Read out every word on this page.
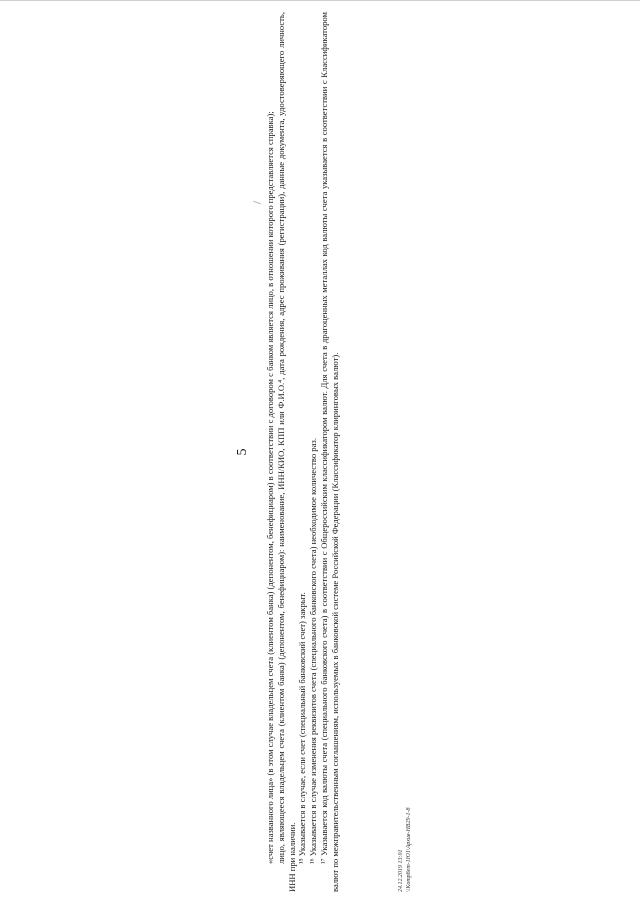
5 «счет названного лица» (в этом случае владельцем счета (клиентом банка) (депонентом, бенефициаром) в соответствии с договором с банком является лицо, в отношении которого представляется справка); лицо, являющееся владельцем счета (клиентом банка) (депонентом, бенефициаром): наименование, ИНН/КИО, КПП или Ф.И.О.⁴, дата рождения, адрес проживания (регистрации), данные документа, удостоверяющего личность, ИНН при наличии. ¹⁵ Указывается в случае, если счет (специальный банковский счет) закрыт. ¹⁶ Указывается в случае изменения реквизитов счета (специального банковского счета) необходимое количество раз. ¹⁷ Указывается код валюты счета (специального банковского счета) в соответствии с Общероссийским классификатором валют. Для счета в драгоценных металлах код валюты счета указывается в соответствии с Классификатором валют по межправительственным соглашениям, используемых в банковской системе Российской Федерации (Классификатор клиринговых валют).	24.12.2019 13:01 \\Komp8em-1Ю1\Apxuв-НВ29-1-8
